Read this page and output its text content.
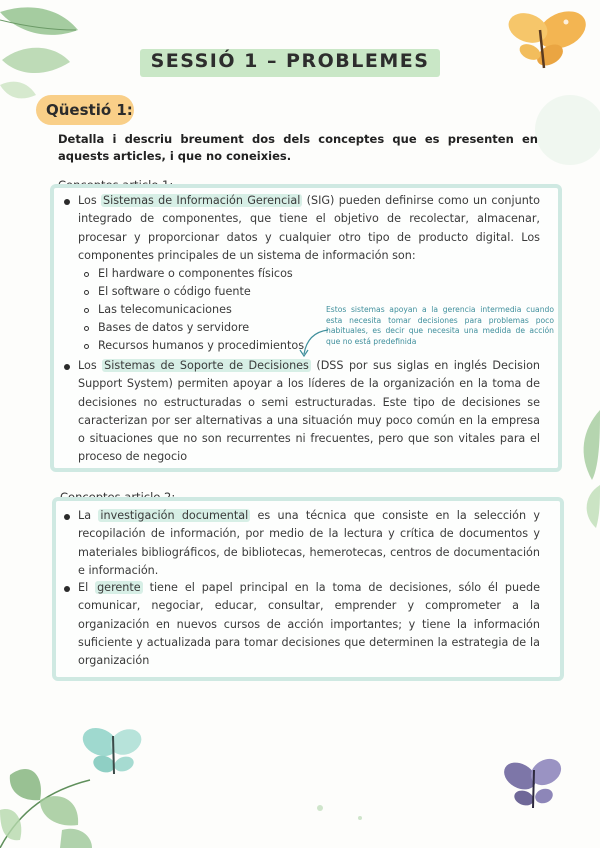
SESSIÓ 1 – PROBLEMES
Qüestió 1:
Detalla i descriu breument dos dels conceptes que es presenten en aquests articles, i que no coneixies.

Los Sistemas de Información Gerencial (SIG) pueden definirse como un conjunto integrado de componentes, que tiene el objetivo de recolectar, almacenar, procesar y proporcionar datos y cualquier otro tipo de producto digital. Los componentes principales de un sistema de información son:

El hardware o componentes físicos
El software o código fuente
Las telecomunicaciones
Bases de datos y servidore
Recursos humanos y procedimientos
Estos sistemas apoyan a la gerencia intermedia cuando esta necesita tomar decisiones para problemas poco habituales, es decir que necesita una medida de acción que no está predefinida

Los Sistemas de Soporte de Decisiones (DSS por sus siglas en inglés Decision Support System) permiten apoyar a los líderes de la organización en la toma de decisiones no estructuradas o semi estructuradas. Este tipo de decisiones se caracterizan por ser alternativas a una situación muy poco común en la empresa o situaciones que no son recurrentes ni frecuentes, pero que son vitales para el proceso de negocio

La investigación documental es una técnica que consiste en la selección y recopilación de información, por medio de la lectura y crítica de documentos y materiales bibliográficos, de bibliotecas, hemerotecas, centros de documentación e información.

El gerente tiene el papel principal en la toma de decisiones, sólo él puede comunicar, negociar, educar, consultar, emprender y comprometer a la organización en nuevos cursos de acción importantes; y tiene la información suficiente y actualizada para tomar decisiones que determinen la estrategia de la organización
